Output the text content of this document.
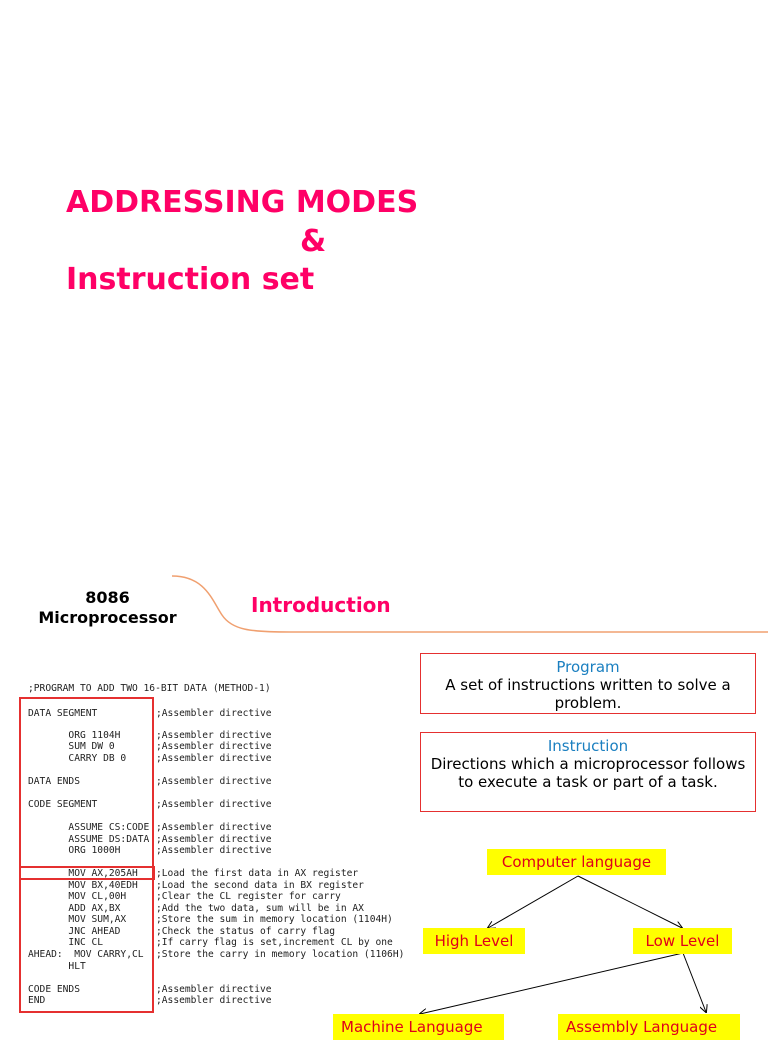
ADDRESSING MODES
&
Instruction set
8086
Microprocessor
Introduction
;PROGRAM TO ADD TWO 16-BIT DATA (METHOD-1)
DATA SEGMENT	;Assembler directive
ORG 1104H	;Assembler directive
SUM DW 0	;Assembler directive
CARRY DB 0	;Assembler directive
DATA ENDS	;Assembler directive
CODE SEGMENT	;Assembler directive
ASSUME CS:CODE ;Assembler directive
ASSUME DS:DATA ;Assembler directive
ORG 1000H	;Assembler directive
MOV AX,205AH ;Load the first data in AX register
MOV BX,40EDH ;Load the second data in BX register
MOV CL,00H	;Clear the CL register for carry
ADD AX,BX	;Add the two data, sum will be in AX
MOV SUM,AX	;Store the sum in memory location (1104H)
JNC AHEAD	;Check the status of carry flag
INC CL	;If carry flag is set,increment CL by one
AHEAD:  MOV CARRY,CL ;Store the carry in memory location (1106H)
HLT
CODE ENDS	;Assembler directive
END	;Assembler directive
Program
A set of instructions written to solve a problem.
Instruction
Directions which a microprocessor follows to execute a task or part of a task.
Computer language
High Level	Low Level
Machine Language	Assembly Language
